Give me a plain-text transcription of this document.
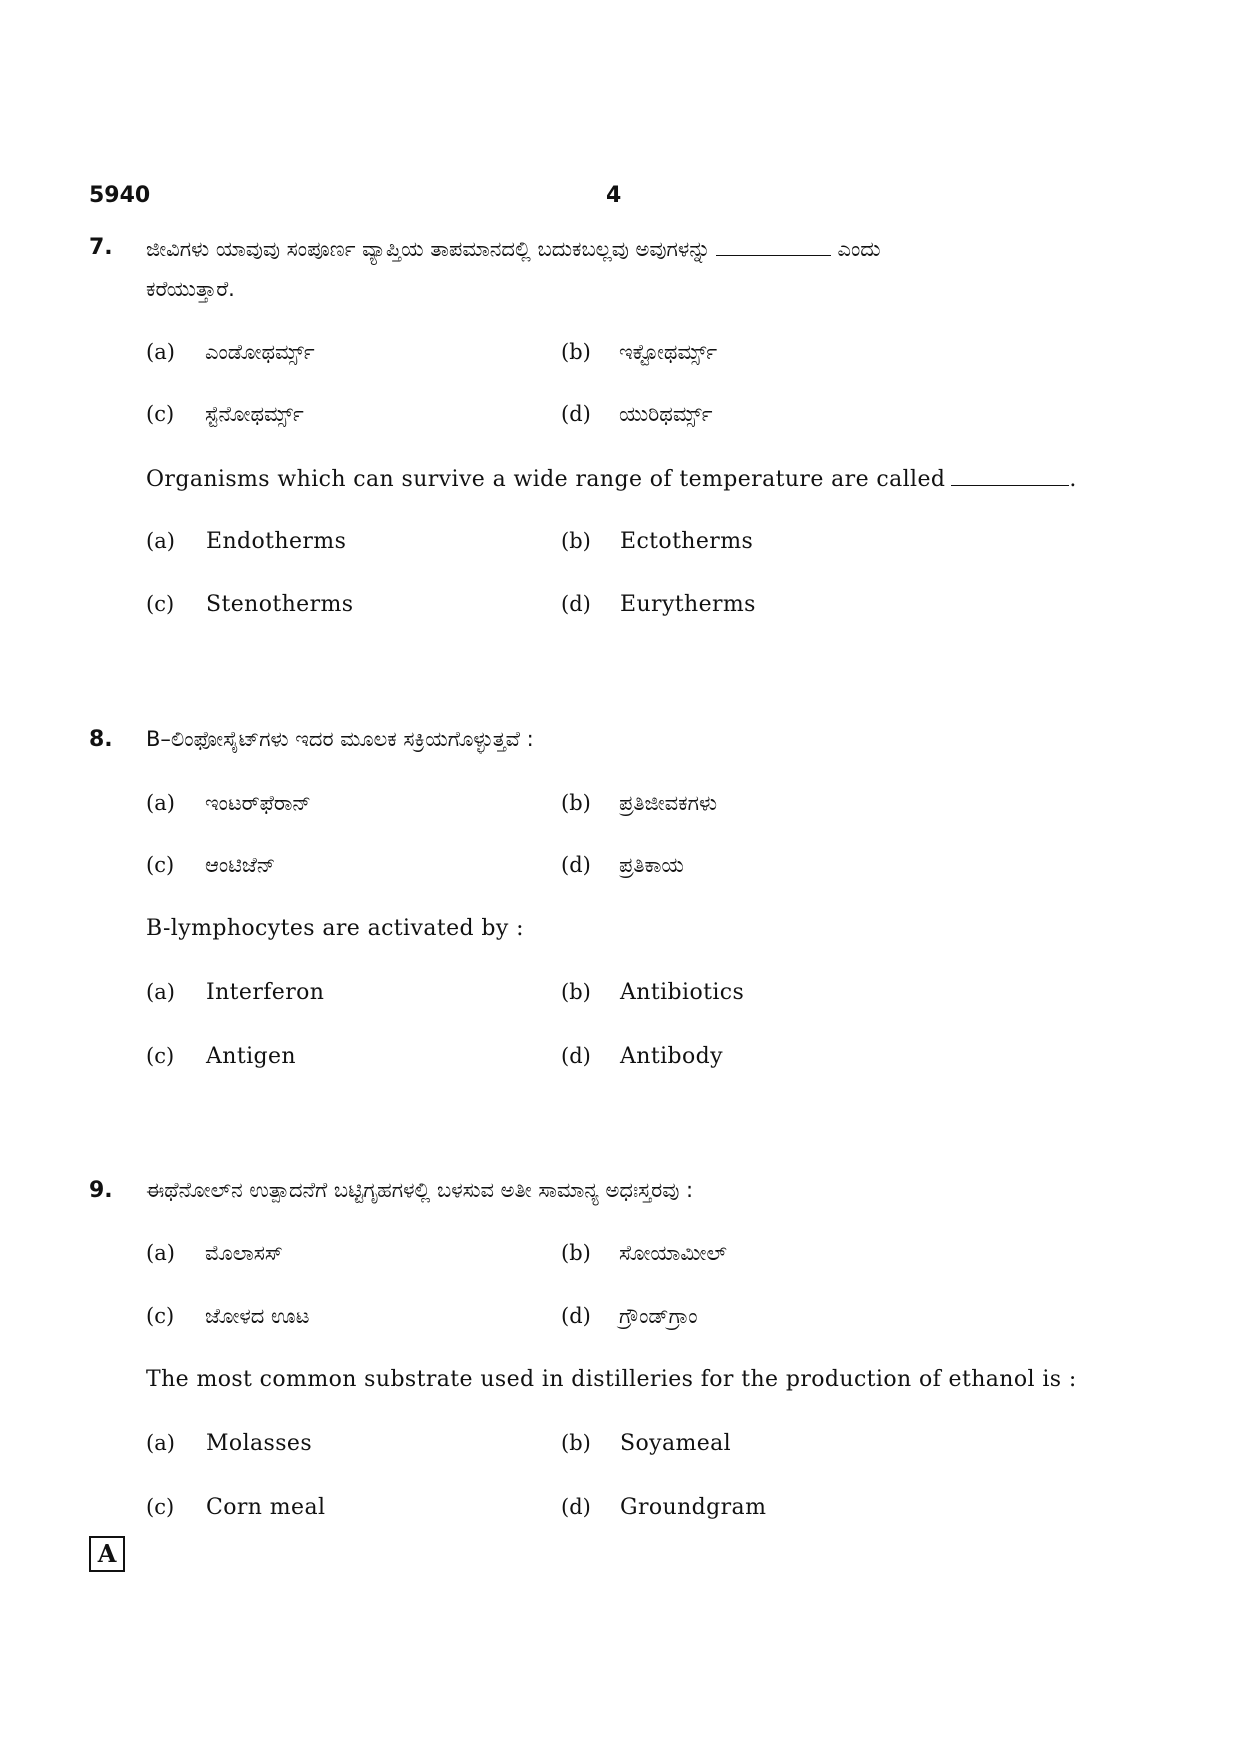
5940	4
7. ಜೀವಿಗಳು ಯಾವುವು ಸಂಪೂರ್ಣ ವ್ಯಾಪ್ತಿಯ ತಾಪಮಾನದಲ್ಲಿ ಬದುಕಬಲ್ಲವು ಅವುಗಳನ್ನು	ಎಂದು
ಕರೆಯುತ್ತಾರೆ.
(a) ಎಂಡೋಥರ್ಮ್ಸ್	(b) ಇಕ್ಟೋಥರ್ಮ್ಸ್
(c) ಸ್ಟೆನೋಥರ್ಮ್ಸ್	(d) ಯುರಿಥರ್ಮ್ಸ್
Organisms which can survive a wide range of temperature are called	.
(a) Endotherms	(b) Ectotherms
(c) Stenotherms	(d) Eurytherms
8. B–ಲಿಂಫೋಸೈಟ್‌ಗಳು ಇದರ ಮೂಲಕ ಸಕ್ರಿಯಗೊಳ್ಳುತ್ತವೆ :
(a) ಇಂಟರ್‌ಫೆರಾನ್	(b) ಪ್ರತಿಜೀವಕಗಳು
(c) ಆಂಟಿಜೆನ್	(d) ಪ್ರತಿಕಾಯ
B-lymphocytes are activated by :
(a) Interferon	(b) Antibiotics
(c) Antigen	(d) Antibody
9. ಈಥೆನೋಲ್‌ನ ಉತ್ಪಾದನೆಗೆ ಬಟ್ಟಿಗೃಹಗಳಲ್ಲಿ ಬಳಸುವ ಅತೀ ಸಾಮಾನ್ಯ ಅಧಃಸ್ತರವು :
(a) ಮೊಲಾಸಸ್	(b) ಸೋಯಾಮೀಲ್
(c) ಜೋಳದ ಊಟ	(d) ಗ್ರೌಂಡ್‌ಗ್ರಾಂ
The most common substrate used in distilleries for the production of ethanol is :
(a) Molasses	(b) Soyameal
(c) Corn meal	(d) Groundgram
A
